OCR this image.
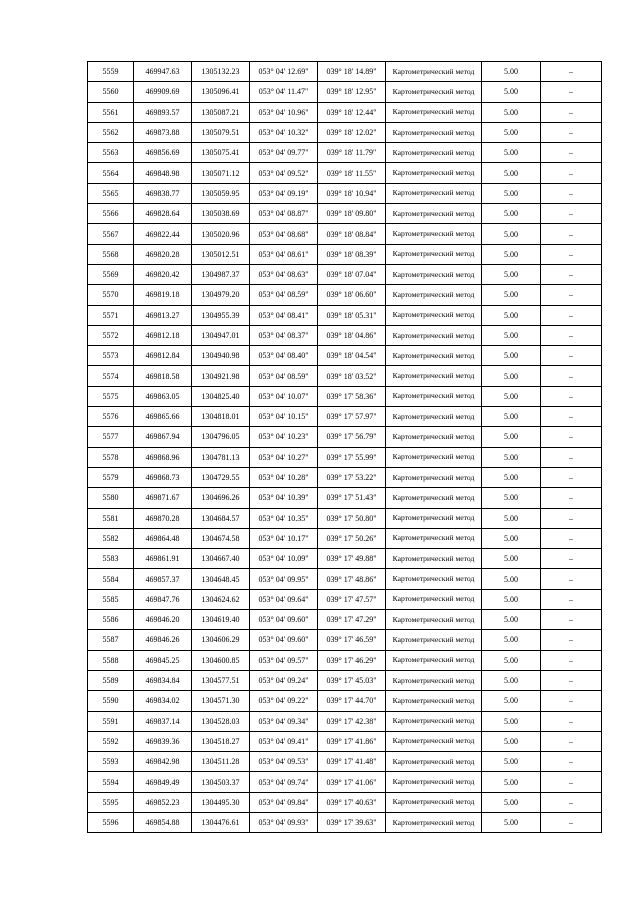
5559	469947.63	1305132.23	053° 04' 12.69"	039° 18' 14.89"	Картометрический метод	5.00	–
5560	469909.69	1305096.41	053° 04' 11.47"	039° 18' 12.95"	Картометрический метод	5.00	–
5561	469893.57	1305087.21	053° 04' 10.96"	039° 18' 12.44"	Картометрический метод	5.00	–
5562	469873.88	1305079.51	053° 04' 10.32"	039° 18' 12.02"	Картометрический метод	5.00	–
5563	469856.69	1305075.41	053° 04' 09.77"	039° 18' 11.79"	Картометрический метод	5.00	–
5564	469848.98	1305071.12	053° 04' 09.52"	039° 18' 11.55"	Картометрический метод	5.00	–
5565	469838.77	1305059.95	053° 04' 09.19"	039° 18' 10.94"	Картометрический метод	5.00	–
5566	469828.64	1305038.69	053° 04' 08.87"	039° 18' 09.80"	Картометрический метод	5.00	–
5567	469822.44	1305020.96	053° 04' 08.68"	039° 18' 08.84"	Картометрический метод	5.00	–
5568	469820.28	1305012.51	053° 04' 08.61"	039° 18' 08.39"	Картометрический метод	5.00	–
5569	469820.42	1304987.37	053° 04' 08.63"	039° 18' 07.04"	Картометрический метод	5.00	–
5570	469819.18	1304979.20	053° 04' 08.59"	039° 18' 06.60"	Картометрический метод	5.00	–
5571	469813.27	1304955.39	053° 04' 08.41"	039° 18' 05.31"	Картометрический метод	5.00	–
5572	469812.18	1304947.01	053° 04' 08.37"	039° 18' 04.86"	Картометрический метод	5.00	–
5573	469812.84	1304940.98	053° 04' 08.40"	039° 18' 04.54"	Картометрический метод	5.00	–
5574	469818.58	1304921.98	053° 04' 08.59"	039° 18' 03.52"	Картометрический метод	5.00	–
5575	469863.05	1304825.40	053° 04' 10.07"	039° 17' 58.36"	Картометрический метод	5.00	–
5576	469865.66	1304818.01	053° 04' 10.15"	039° 17' 57.97"	Картометрический метод	5.00	–
5577	469867.94	1304796.05	053° 04' 10.23"	039° 17' 56.79"	Картометрический метод	5.00	–
5578	469868.96	1304781.13	053° 04' 10.27"	039° 17' 55.99"	Картометрический метод	5.00	–
5579	469868.73	1304729.55	053° 04' 10.28"	039° 17' 53.22"	Картометрический метод	5.00	–
5580	469871.67	1304696.26	053° 04' 10.39"	039° 17' 51.43"	Картометрический метод	5.00	–
5581	469870.28	1304684.57	053° 04' 10.35"	039° 17' 50.80"	Картометрический метод	5.00	–
5582	469864.48	1304674.58	053° 04' 10.17"	039° 17' 50.26"	Картометрический метод	5.00	–
5583	469861.91	1304667.40	053° 04' 10.09"	039° 17' 49.88"	Картометрический метод	5.00	–
5584	469857.37	1304648.45	053° 04' 09.95"	039° 17' 48.86"	Картометрический метод	5.00	–
5585	469847.76	1304624.62	053° 04' 09.64"	039° 17' 47.57"	Картометрический метод	5.00	–
5586	469846.20	1304619.40	053° 04' 09.60"	039° 17' 47.29"	Картометрический метод	5.00	–
5587	469846.26	1304606.29	053° 04' 09.60"	039° 17' 46.59"	Картометрический метод	5.00	–
5588	469845.25	1304600.85	053° 04' 09.57"	039° 17' 46.29"	Картометрический метод	5.00	–
5589	469834.84	1304577.51	053° 04' 09.24"	039° 17' 45.03"	Картометрический метод	5.00	–
5590	469834.02	1304571.30	053° 04' 09.22"	039° 17' 44.70"	Картометрический метод	5.00	–
5591	469837.14	1304528.03	053° 04' 09.34"	039° 17' 42.38"	Картометрический метод	5.00	–
5592	469839.36	1304518.27	053° 04' 09.41"	039° 17' 41.86"	Картометрический метод	5.00	–
5593	469842.98	1304511.28	053° 04' 09.53"	039° 17' 41.48"	Картометрический метод	5.00	–
5594	469849.49	1304503.37	053° 04' 09.74"	039° 17' 41.06"	Картометрический метод	5.00	–
5595	469852.23	1304495.30	053° 04' 09.84"	039° 17' 40.63"	Картометрический метод	5.00	–
5596	469854.88	1304476.61	053° 04' 09.93"	039° 17' 39.63"	Картометрический метод	5.00	–
